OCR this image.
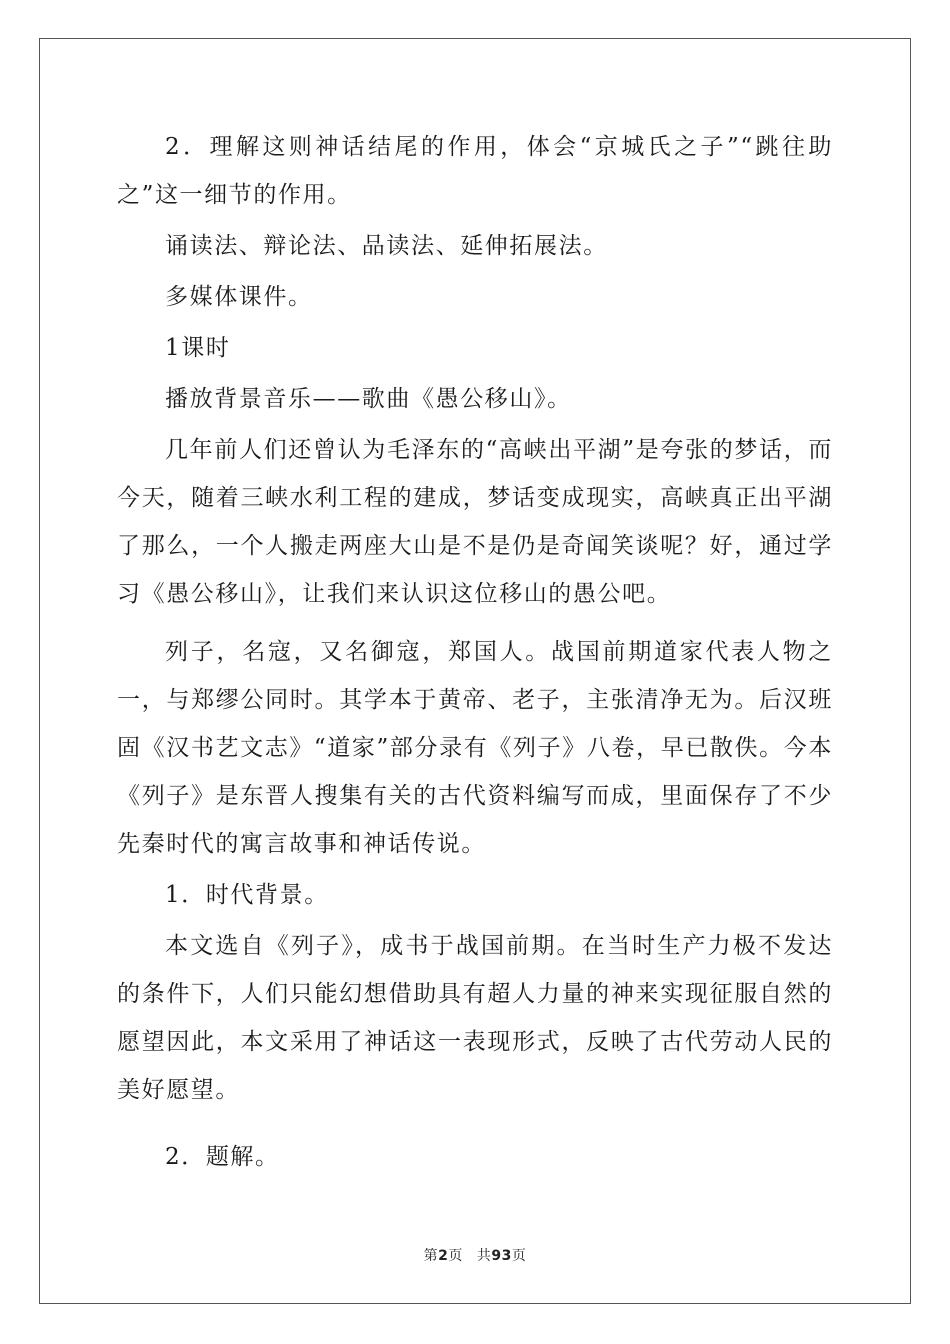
2．理解这则神话结尾的作用，体会“京城氏之子”“跳往助之”这一细节的作用。

诵读法、辩论法、品读法、延伸拓展法。

多媒体课件。

1课时

播放背景音乐——歌曲《愚公移山》。

几年前人们还曾认为毛泽东的“高峡出平湖”是夸张的梦话，而今天，随着三峡水利工程的建成，梦话变成现实，高峡真正出平湖了那么，一个人搬走两座大山是不是仍是奇闻笑谈呢？好，通过学习《愚公移山》，让我们来认识这位移山的愚公吧。

列子，名寇，又名御寇，郑国人。战国前期道家代表人物之一，与郑缪公同时。其学本于黄帝、老子，主张清净无为。后汉班固《汉书艺文志》“道家”部分录有《列子》八卷，早已散佚。今本《列子》是东晋人搜集有关的古代资料编写而成，里面保存了不少先秦时代的寓言故事和神话传说。

1．时代背景。

本文选自《列子》，成书于战国前期。在当时生产力极不发达的条件下，人们只能幻想借助具有超人力量的神来实现征服自然的愿望因此，本文采用了神话这一表现形式，反映了古代劳动人民的美好愿望。

2．题解。

第2页 共93页
